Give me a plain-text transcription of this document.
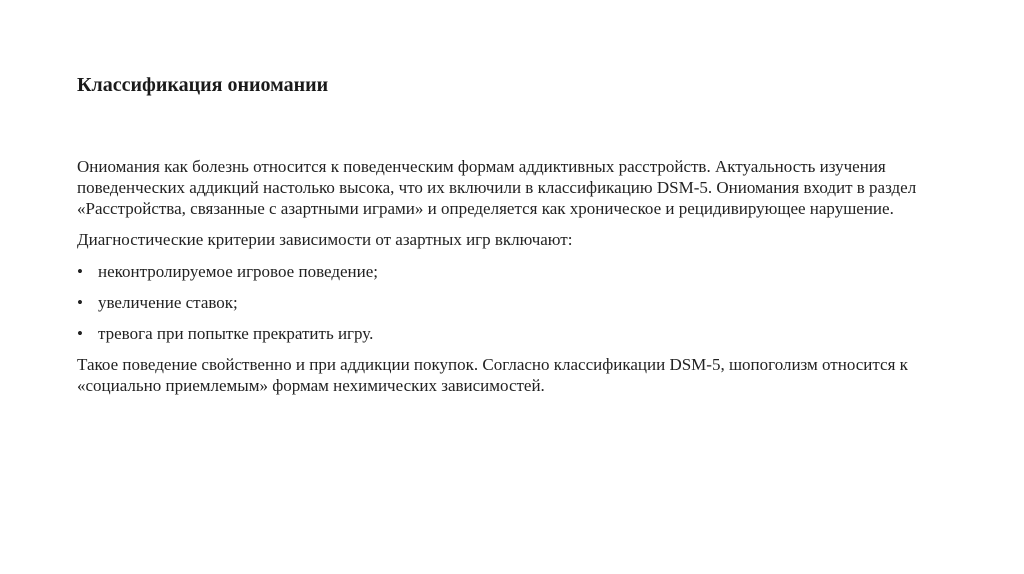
Классификация ониомании

Ониомания как болезнь относится к поведенческим формам аддиктивных расстройств. Актуальность изучения поведенческих аддикций настолько высока, что их включили в классификацию DSM-5. Ониомания входит в раздел «Расстройства, связанные с азартными играми» и определяется как хроническое и рецидивирующее нарушение.

Диагностические критерии зависимости от азартных игр включают:

• неконтролируемое игровое поведение;
• увеличение ставок;
• тревога при попытке прекратить игру.

Такое поведение свойственно и при аддикции покупок. Согласно классификации DSM-5, шопоголизм относится к «социально приемлемым» формам нехимических зависимостей.
